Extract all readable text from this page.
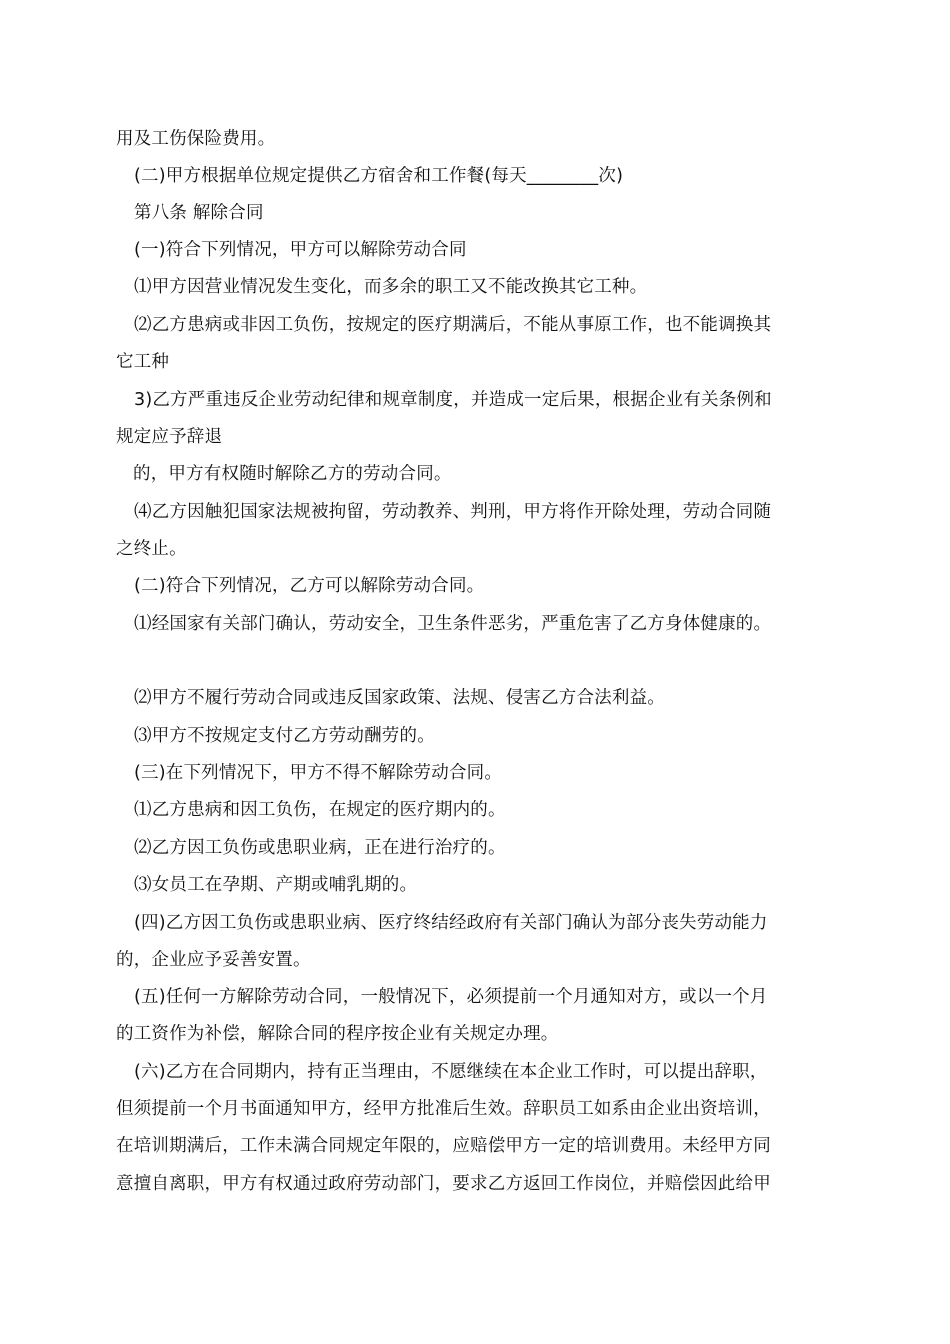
用及工伤保险费用。
(二)甲方根据单位规定提供乙方宿舍和工作餐(每天________次)
第八条 解除合同
(一)符合下列情况，甲方可以解除劳动合同
⑴甲方因营业情况发生变化，而多余的职工又不能改换其它工种。
⑵乙方患病或非因工负伤，按规定的医疗期满后，不能从事原工作，也不能调换其
它工种
3)乙方严重违反企业劳动纪律和规章制度，并造成一定后果，根据企业有关条例和
规定应予辞退
的，甲方有权随时解除乙方的劳动合同。
⑷乙方因触犯国家法规被拘留，劳动教养、判刑，甲方将作开除处理，劳动合同随
之终止。
(二)符合下列情况，乙方可以解除劳动合同。
⑴经国家有关部门确认，劳动安全，卫生条件恶劣，严重危害了乙方身体健康的。
⑵甲方不履行劳动合同或违反国家政策、法规、侵害乙方合法利益。
⑶甲方不按规定支付乙方劳动酬劳的。
(三)在下列情况下，甲方不得不解除劳动合同。
⑴乙方患病和因工负伤，在规定的医疗期内的。
⑵乙方因工负伤或患职业病，正在进行治疗的。
⑶女员工在孕期、产期或哺乳期的。
(四)乙方因工负伤或患职业病、医疗终结经政府有关部门确认为部分丧失劳动能力
的，企业应予妥善安置。
(五)任何一方解除劳动合同，一般情况下，必须提前一个月通知对方，或以一个月
的工资作为补偿，解除合同的程序按企业有关规定办理。
(六)乙方在合同期内，持有正当理由，不愿继续在本企业工作时，可以提出辞职，
但须提前一个月书面通知甲方，经甲方批准后生效。辞职员工如系由企业出资培训，
在培训期满后，工作未满合同规定年限的，应赔偿甲方一定的培训费用。未经甲方同
意擅自离职，甲方有权通过政府劳动部门，要求乙方返回工作岗位，并赔偿因此给甲
